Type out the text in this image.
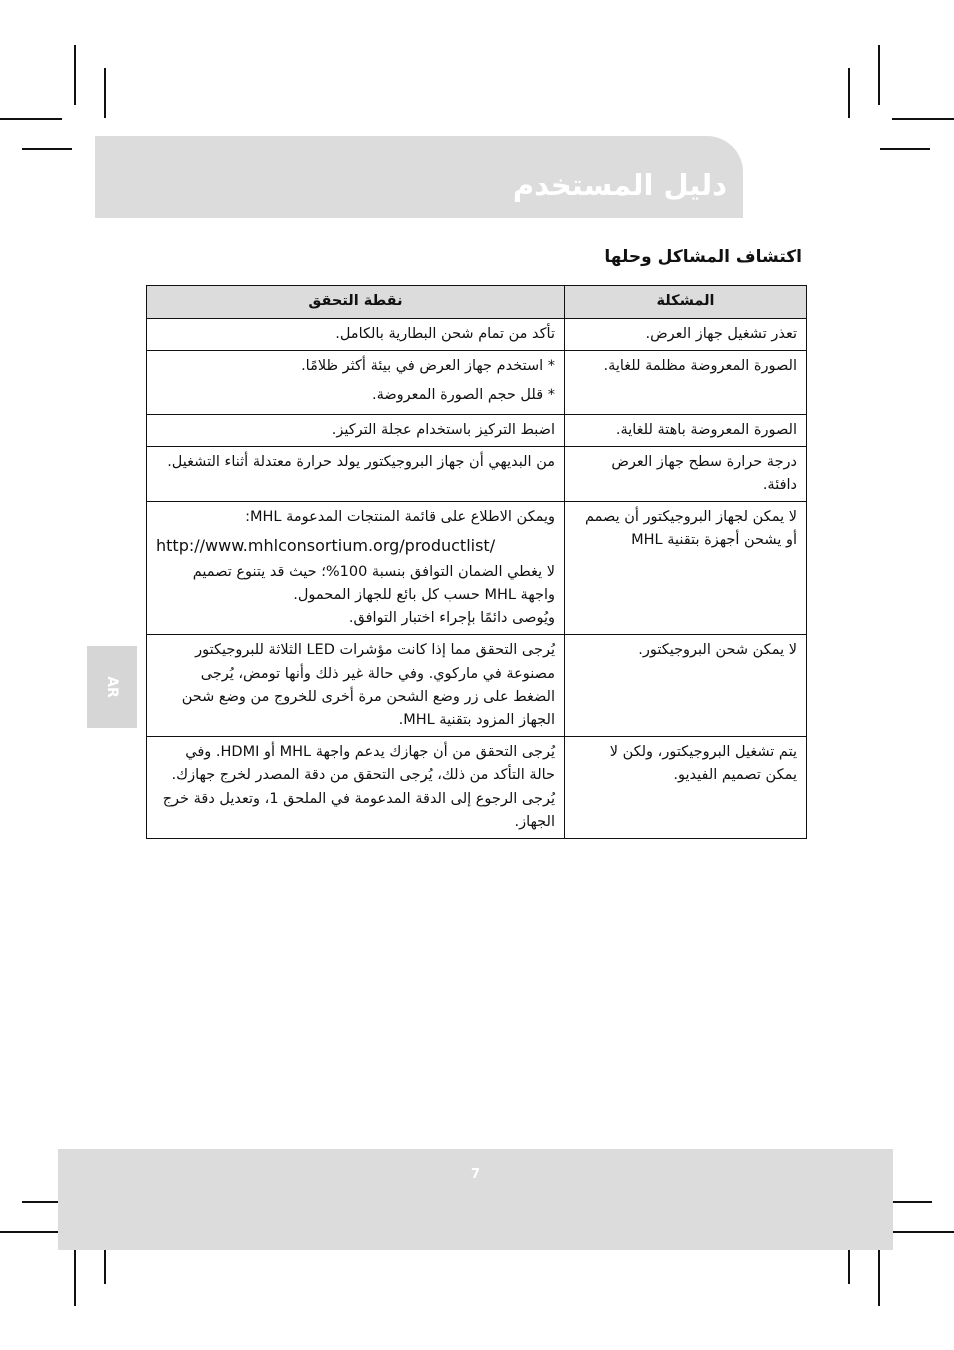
دليل المستخدم
اكتشاف المشاكل وحلها
AR
المشكلة	نقطة التحقق

تعذر تشغيل جهاز العرض.	تأكد من تمام شحن البطارية بالكامل.

الصورة المعروضة مظلمة للغاية.	* استخدم جهاز العرض في بيئة أكثر ظلامًا.
* قلل حجم الصورة المعروضة.

الصورة المعروضة باهتة للغاية.	اضبط التركيز باستخدام عجلة التركيز.

درجة حرارة سطح جهاز العرض دافئة.	من البديهي أن جهاز البروجيكتور يولد حرارة معتدلة أثناء التشغيل.

لا يمكن لجهاز البروجيكتور أن يصمم أو يشحن أجهزة بتقنية MHL	ويمكن الاطلاع على قائمة المنتجات المدعومة MHL:
http://www.mhlconsortium.org/productlist/
لا يغطي الضمان التوافق بنسبة 100%؛ حيث قد يتنوع تصميم واجهة MHL حسب كل بائع للجهاز المحمول.
ويُوصى دائمًا بإجراء اختبار التوافق.

لا يمكن شحن البروجيكتور.	يُرجى التحقق مما إذا كانت مؤشرات LED الثلاثة للبروجيكتور مصنوعة في ماركوي. وفي حالة غير ذلك وأنها تومض، يُرجى الضغط على زر وضع الشحن مرة أخرى للخروج من وضع شحن الجهاز المزود بتقنية MHL.

يتم تشغيل البروجيكتور، ولكن لا يمكن تصميم الفيديو.	يُرجى التحقق من أن جهازك يدعم واجهة MHL أو HDMI. وفي حالة التأكد من ذلك، يُرجى التحقق من دقة المصدر لخرج جهازك. يُرجى الرجوع إلى الدقة المدعومة في الملحق 1، وتعديل دقة خرج الجهاز.
7
